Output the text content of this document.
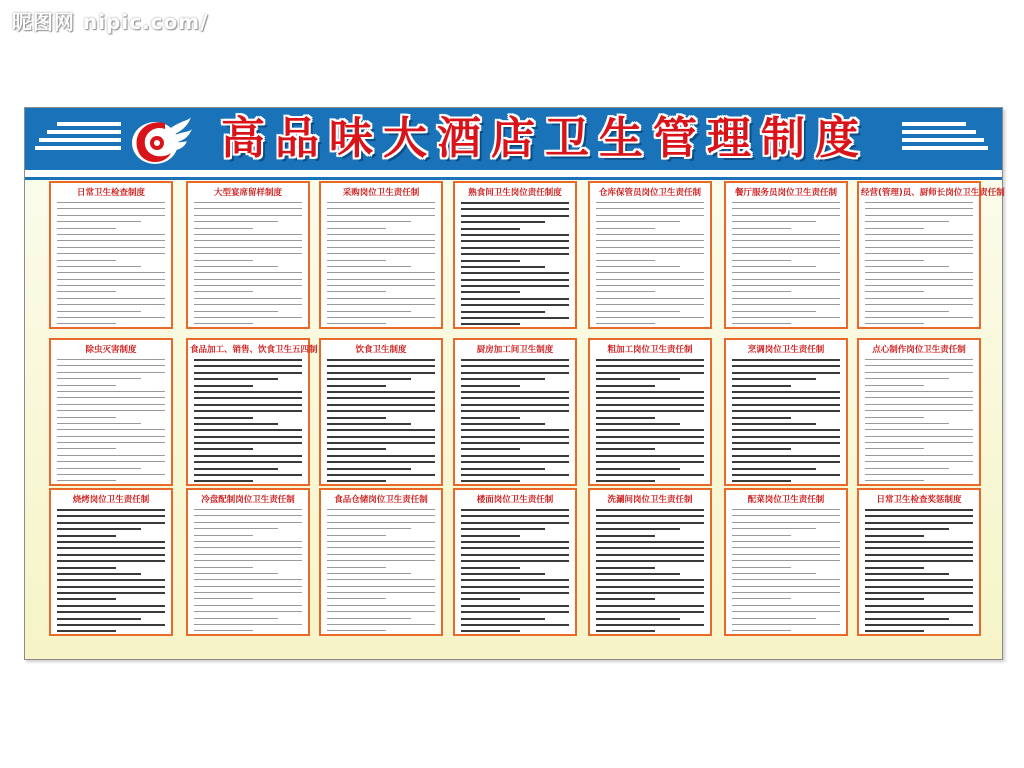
昵图网 nipic.com/
高品味大酒店卫生管理制度
日常卫生检查制度	大型宴席留样制度	采购岗位卫生责任制	熟食间卫生岗位责任制度	仓库保管员岗位卫生责任制	餐厅服务员岗位卫生责任制	经营(管理)员、厨师长岗位卫生责任制
除虫灭害制度	食品加工、销售、饮食卫生五四制	饮食卫生制度	厨房加工间卫生制度	粗加工岗位卫生责任制	烹调岗位卫生责任制	点心制作岗位卫生责任制
烧烤岗位卫生责任制	冷盘配制岗位卫生责任制	食品仓储岗位卫生责任制	楼面岗位卫生责任制	洗涮间岗位卫生责任制	配菜岗位卫生责任制	日常卫生检查奖惩制度
